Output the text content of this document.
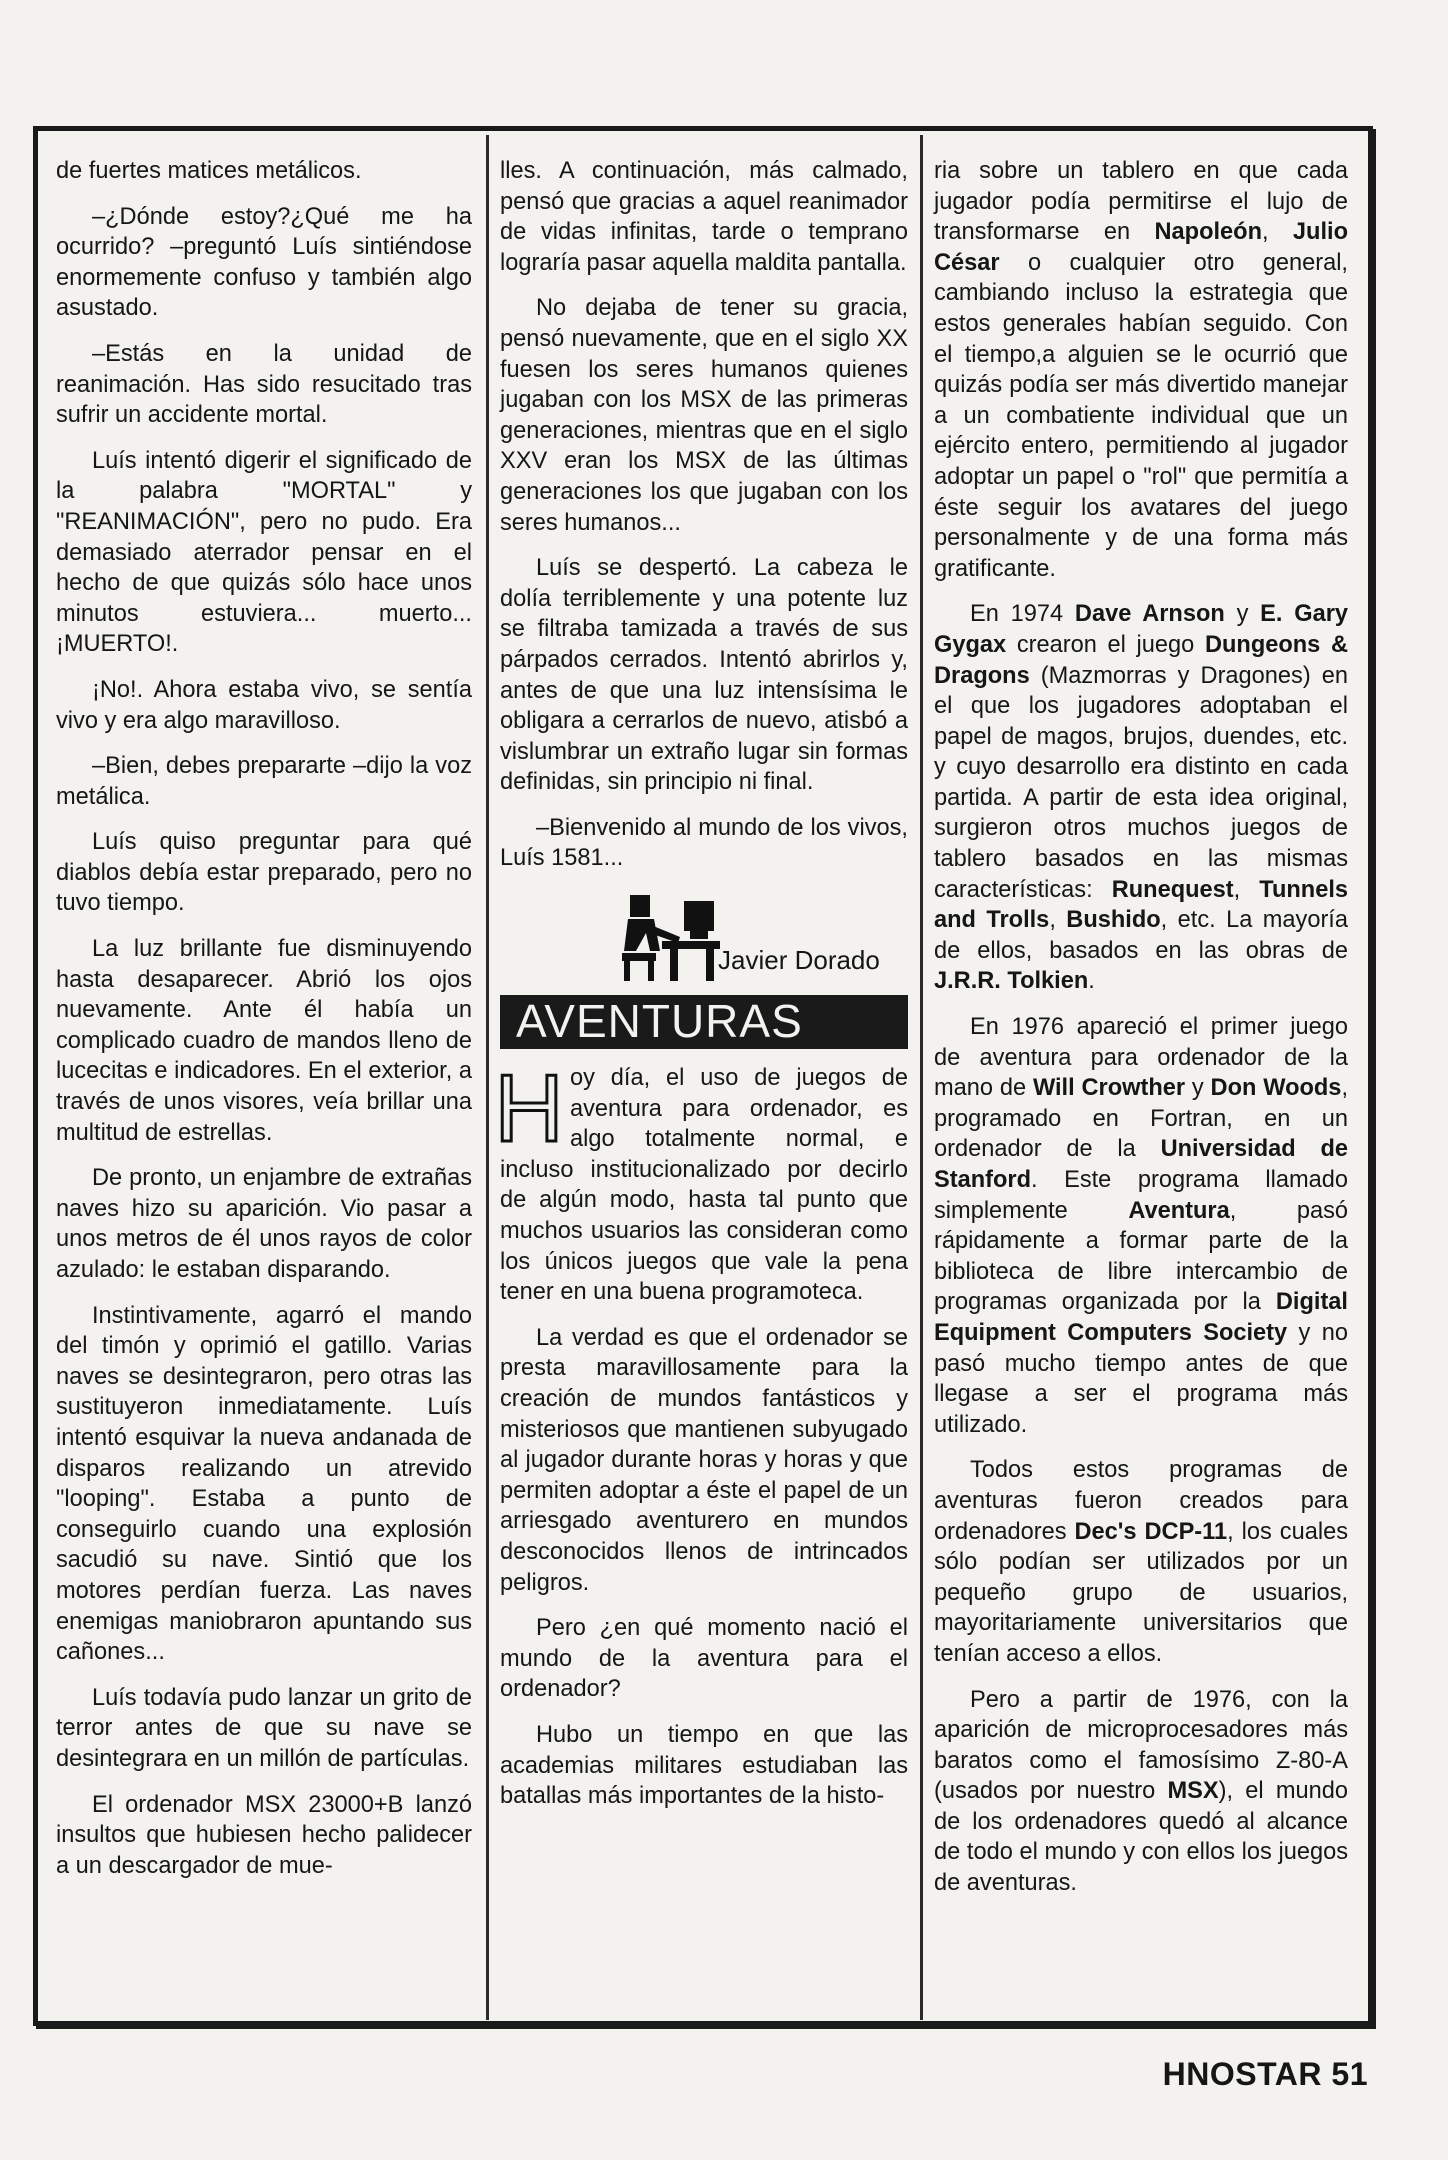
de fuertes matices metálicos.

–¿Dónde estoy?¿Qué me ha ocurrido? –preguntó Luís sintiéndose enormemente confuso y también algo asustado.

–Estás en la unidad de reanimación. Has sido resucitado tras sufrir un accidente mortal.

Luís intentó digerir el significado de la palabra "MORTAL" y "REANIMACIÓN", pero no pudo. Era demasiado aterrador pensar en el hecho de que quizás sólo hace unos minutos estuviera... muerto... ¡MUERTO!.

¡No!. Ahora estaba vivo, se sentía vivo y era algo maravilloso.

–Bien, debes prepararte –dijo la voz metálica.

Luís quiso preguntar para qué diablos debía estar preparado, pero no tuvo tiempo.

La luz brillante fue disminuyendo hasta desaparecer. Abrió los ojos nuevamente. Ante él había un complicado cuadro de mandos lleno de lucecitas e indicadores. En el exterior, a través de unos visores, veía brillar una multitud de estrellas.

De pronto, un enjambre de extrañas naves hizo su aparición. Vio pasar a unos metros de él unos rayos de color azulado: le estaban disparando.

Instintivamente, agarró el mando del timón y oprimió el gatillo. Varias naves se desintegraron, pero otras las sustituyeron inmediatamente. Luís intentó esquivar la nueva andanada de disparos realizando un atrevido "looping". Estaba a punto de conseguirlo cuando una explosión sacudió su nave. Sintió que los motores perdían fuerza. Las naves enemigas maniobraron apuntando sus cañones...

Luís todavía pudo lanzar un grito de terror antes de que su nave se desintegrara en un millón de partículas.

El ordenador MSX 23000+B lanzó insultos que hubiesen hecho palidecer a un descargador de mue-

lles. A continuación, más calmado, pensó que gracias a aquel reanimador de vidas infinitas, tarde o temprano lograría pasar aquella maldita pantalla.

No dejaba de tener su gracia, pensó nuevamente, que en el siglo XX fuesen los seres humanos quienes jugaban con los MSX de las primeras generaciones, mientras que en el siglo XXV eran los MSX de las últimas generaciones los que jugaban con los seres humanos...

Luís se despertó. La cabeza le dolía terriblemente y una potente luz se filtraba tamizada a través de sus párpados cerrados. Intentó abrirlos y, antes de que una luz intensísima le obligara a cerrarlos de nuevo, atisbó a vislumbrar un extraño lugar sin formas definidas, sin principio ni final.

–Bienvenido al mundo de los vivos, Luís 1581...

Javier Dorado
AVENTURAS

H oy día, el uso de juegos de aventura para ordenador, es algo totalmente normal, e incluso institucionalizado por decirlo de algún modo, hasta tal punto que muchos usuarios las consideran como los únicos juegos que vale la pena tener en una buena programoteca.

La verdad es que el ordenador se presta maravillosamente para la creación de mundos fantásticos y misteriosos que mantienen subyugado al jugador durante horas y horas y que permiten adoptar a éste el papel de un arriesgado aventurero en mundos desconocidos llenos de intrincados peligros.

Pero ¿en qué momento nació el mundo de la aventura para el ordenador?

Hubo un tiempo en que las academias militares estudiaban las batallas más importantes de la histo-

ria sobre un tablero en que cada jugador podía permitirse el lujo de transformarse en Napoleón, Julio César o cualquier otro general, cambiando incluso la estrategia que estos generales habían seguido. Con el tiempo,a alguien se le ocurrió que quizás podía ser más divertido manejar a un combatiente individual que un ejército entero, permitiendo al jugador adoptar un papel o "rol" que permitía a éste seguir los avatares del juego personalmente y de una forma más gratificante.

En 1974 Dave Arnson y E. Gary Gygax crearon el juego Dungeons & Dragons (Mazmorras y Dragones) en el que los jugadores adoptaban el papel de magos, brujos, duendes, etc. y cuyo desarrollo era distinto en cada partida. A partir de esta idea original, surgieron otros muchos juegos de tablero basados en las mismas características: Runequest, Tunnels and Trolls, Bushido, etc. La mayoría de ellos, basados en las obras de J.R.R. Tolkien.

En 1976 apareció el primer juego de aventura para ordenador de la mano de Will Crowther y Don Woods, programado en Fortran, en un ordenador de la Universidad de Stanford. Este programa llamado simplemente Aventura, pasó rápidamente a formar parte de la biblioteca de libre intercambio de programas organizada por la Digital Equipment Computers Society y no pasó mucho tiempo antes de que llegase a ser el programa más utilizado.

Todos estos programas de aventuras fueron creados para ordenadores Dec's DCP-11, los cuales sólo podían ser utilizados por un pequeño grupo de usuarios, mayoritariamente universitarios que tenían acceso a ellos.

Pero a partir de 1976, con la aparición de microprocesadores más baratos como el famosísimo Z-80-A (usados por nuestro MSX), el mundo de los ordenadores quedó al alcance de todo el mundo y con ellos los juegos de aventuras.

HNOSTAR 51
